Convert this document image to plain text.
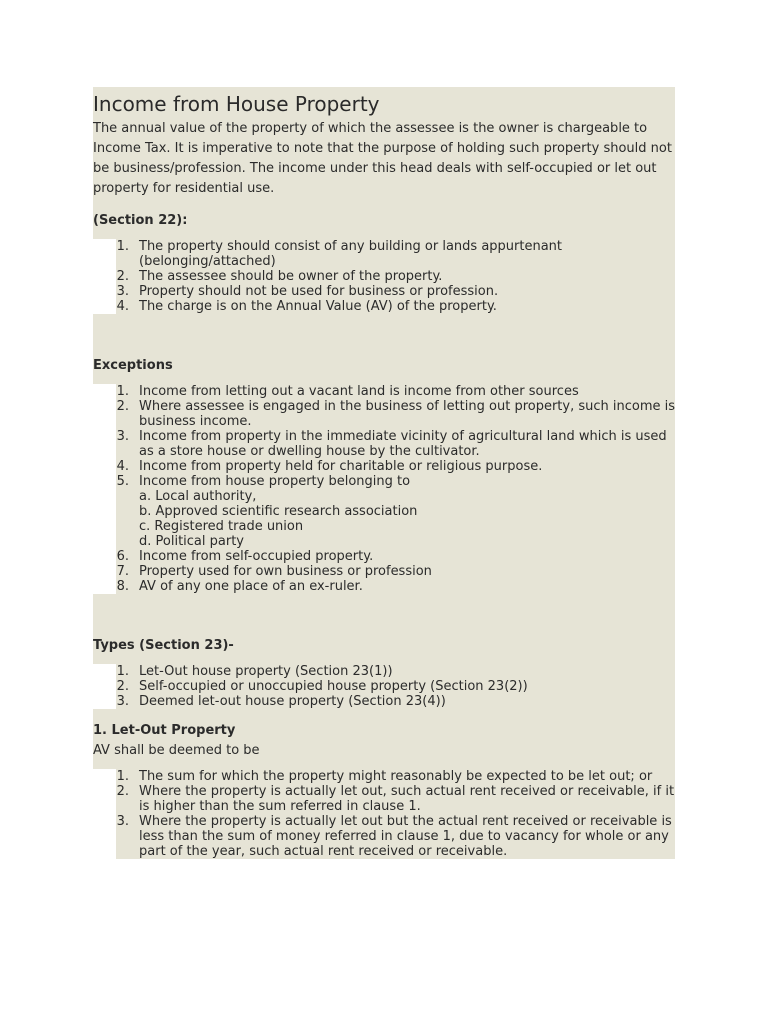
Income from House Property

The annual value of the property of which the assessee is the owner is chargeable to Income Tax. It is imperative to note that the purpose of holding such property should not be business/profession. The income under this head deals with self-occupied or let out property for residential use.

(Section 22):

1. The property should consist of any building or lands appurtenant (belonging/attached)
2. The assessee should be owner of the property.
3. Property should not be used for business or profession.
4. The charge is on the Annual Value (AV) of the property.

Exceptions

1. Income from letting out a vacant land is income from other sources
2. Where assessee is engaged in the business of letting out property, such income is business income.
3. Income from property in the immediate vicinity of agricultural land which is used as a store house or dwelling house by the cultivator.
4. Income from property held for charitable or religious purpose.
5. Income from house property belonging to
a. Local authority,
b. Approved scientific research association
c. Registered trade union
d. Political party
6. Income from self-occupied property.
7. Property used for own business or profession
8. AV of any one place of an ex-ruler.

Types (Section 23)-

1. Let-Out house property (Section 23(1))
2. Self-occupied or unoccupied house property (Section 23(2))
3. Deemed let-out house property (Section 23(4))

1. Let-Out Property

AV shall be deemed to be

1. The sum for which the property might reasonably be expected to be let out; or
2. Where the property is actually let out, such actual rent received or receivable, if it is higher than the sum referred in clause 1.
3. Where the property is actually let out but the actual rent received or receivable is less than the sum of money referred in clause 1, due to vacancy for whole or any part of the year, such actual rent received or receivable.
